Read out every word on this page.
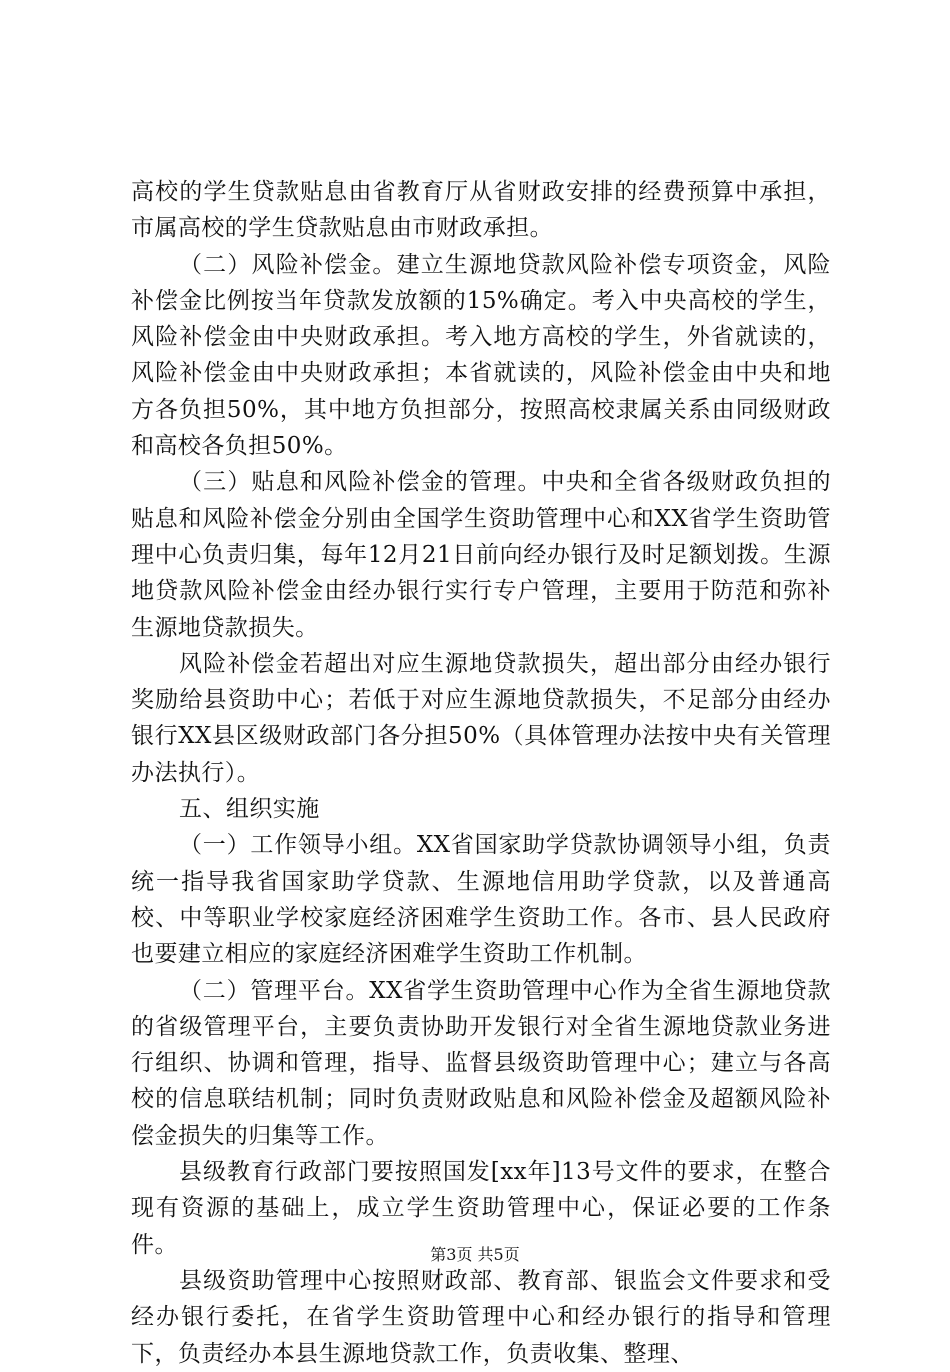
高校的学生贷款贴息由省教育厅从省财政安排的经费预算中承担，市属高校的学生贷款贴息由市财政承担。

（二）风险补偿金。建立生源地贷款风险补偿专项资金，风险补偿金比例按当年贷款发放额的15%确定。考入中央高校的学生，风险补偿金由中央财政承担。考入地方高校的学生，外省就读的，风险补偿金由中央财政承担；本省就读的，风险补偿金由中央和地方各负担50%，其中地方负担部分，按照高校隶属关系由同级财政和高校各负担50%。

（三）贴息和风险补偿金的管理。中央和全省各级财政负担的贴息和风险补偿金分别由全国学生资助管理中心和XX省学生资助管理中心负责归集，每年12月21日前向经办银行及时足额划拨。生源地贷款风险补偿金由经办银行实行专户管理，主要用于防范和弥补生源地贷款损失。

风险补偿金若超出对应生源地贷款损失，超出部分由经办银行奖励给县资助中心；若低于对应生源地贷款损失，不足部分由经办银行XX县区级财政部门各分担50%（具体管理办法按中央有关管理办法执行）。

五、组织实施

（一）工作领导小组。XX省国家助学贷款协调领导小组，负责统一指导我省国家助学贷款、生源地信用助学贷款，以及普通高校、中等职业学校家庭经济困难学生资助工作。各市、县人民政府也要建立相应的家庭经济困难学生资助工作机制。

（二）管理平台。XX省学生资助管理中心作为全省生源地贷款的省级管理平台，主要负责协助开发银行对全省生源地贷款业务进行组织、协调和管理，指导、监督县级资助管理中心；建立与各高校的信息联结机制；同时负责财政贴息和风险补偿金及超额风险补偿金损失的归集等工作。

县级教育行政部门要按照国发[xx年]13号文件的要求，在整合现有资源的基础上，成立学生资助管理中心，保证必要的工作条件。

县级资助管理中心按照财政部、教育部、银监会文件要求和受经办银行委托，在省学生资助管理中心和经办银行的指导和管理下，负责经办本县生源地贷款工作，负责收集、整理、

第3页 共5页
